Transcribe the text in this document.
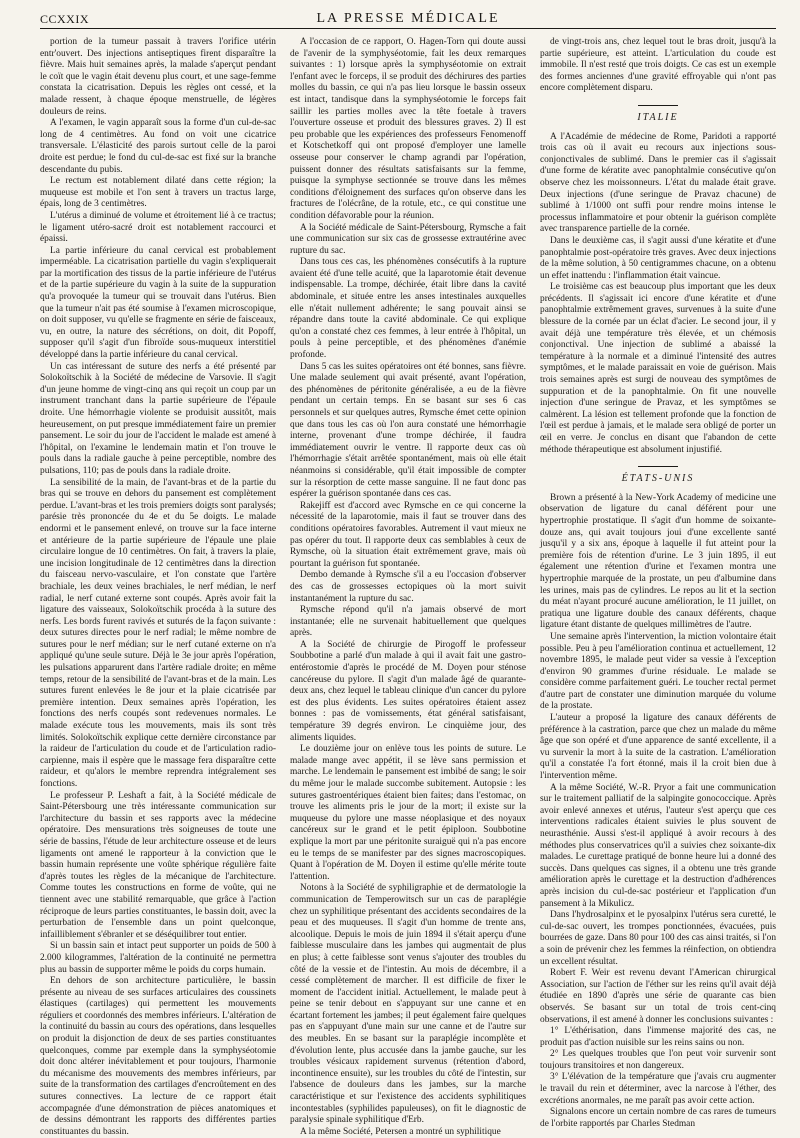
CCXXIX	LA PRESSE MÉDICALE

portion de la tumeur passait à travers l'orifice utérin entr'ouvert. Des injections antiseptiques firent disparaître la fièvre. Mais huit semaines après, la malade s'aperçut pendant le coït que le vagin était devenu plus court, et une sage-femme constata la cicatrisation. Depuis les règles ont cessé, et la malade ressent, à chaque époque menstruelle, de légères douleurs de reins.

A l'examen, le vagin apparaît sous la forme d'un cul-de-sac long de 4 centimètres. Au fond on voit une cicatrice transversale. L'élasticité des parois surtout celle de la paroi droite est perdue; le fond du cul-de-sac est fixé sur la branche descendante du pubis.

Le rectum est notablement dilaté dans cette région; la muqueuse est mobile et l'on sent à travers un tractus large, épais, long de 3 centimètres.

L'utérus a diminué de volume et étroitement lié à ce tractus; le ligament utéro-sacré droit est notablement raccourci et épaissi.

La partie inférieure du canal cervical est probablement imperméable. La cicatrisation partielle du vagin s'expliquerait par la mortification des tissus de la partie inférieure de l'utérus et de la partie supérieure du vagin à la suite de la suppuration qu'a provoquée la tumeur qui se trouvait dans l'utérus. Bien que la tumeur n'ait pas été soumise à l'examen microscopique, on doit supposer, vu qu'elle se fragmente en série de faisceaux, vu, en outre, la nature des sécrétions, on doit, dit Popoff, supposer qu'il s'agit d'un fibroïde sous-muqueux interstitiel développé dans la partie inférieure du canal cervical.

Un cas intéressant de suture des nerfs a été présenté par Solokoïtschik à la Société de médecine de Varsovie. Il s'agit d'un jeune homme de vingt-cinq ans qui reçoit un coup par un instrument tranchant dans la partie supérieure de l'épaule droite. Une hémorrhagie violente se produisit aussitôt, mais heureusement, on put presque immédiatement faire un premier pansement. Le soir du jour de l'accident le malade est amené à l'hôpital, on l'examine le lendemain matin et l'on trouve le pouls dans la radiale gauche à peine perceptible, nombre des pulsations, 110; pas de pouls dans la radiale droite.

La sensibilité de la main, de l'avant-bras et de la partie du bras qui se trouve en dehors du pansement est complètement perdue. L'avant-bras et les trois premiers doigts sont paralysés; parésie très prononcée du 4e et du 5e doigts. Le malade endormi et le pansement enlevé, on trouve sur la face interne et antérieure de la partie supérieure de l'épaule une plaie circulaire longue de 10 centimètres. On fait, à travers la plaie, une incision longitudinale de 12 centimètres dans la direction du faisceau nervo-vasculaire, et l'on constate que l'artère brachiale, les deux veines brachiales, le nerf médian, le nerf radial, le nerf cutané externe sont coupés. Après avoir fait la ligature des vaisseaux, Solokoïtschik procéda à la suture des nerfs. Les bords furent ravivés et suturés de la façon suivante : deux sutures directes pour le nerf radial; le même nombre de sutures pour le nerf médian; sur le nerf cutané externe on n'a appliqué qu'une seule suture. Déjà le 3e jour après l'opération, les pulsations apparurent dans l'artère radiale droite; en même temps, retour de la sensibilité de l'avant-bras et de la main. Les sutures furent enlevées le 8e jour et la plaie cicatrisée par première intention. Deux semaines après l'opération, les fonctions des nerfs coupés sont redevenues normales. Le malade exécute tous les mouvements, mais ils sont très limités. Solokoïtschik explique cette dernière circonstance par la raideur de l'articulation du coude et de l'articulation radio-carpienne, mais il espère que le massage fera disparaître cette raideur, et qu'alors le membre reprendra intégralement ses fonctions.

Le professeur P. Leshaft a fait, à la Société médicale de Saint-Pétersbourg une très intéressante communication sur l'architecture du bassin et ses rapports avec la médecine opératoire. Des mensurations très soigneuses de toute une série de bassins, l'étude de leur architecture osseuse et de leurs ligaments ont amené le rapporteur à la conviction que le bassin humain représente une voûte sphérique régulière faite d'après toutes les règles de la mécanique de l'architecture. Comme toutes les constructions en forme de voûte, qui ne tiennent avec une stabilité remarquable, que grâce à l'action réciproque de leurs parties constituantes, le bassin doit, avec la perturbation de l'ensemble dans un point quelconque, infailliblement s'ébranler et se déséquilibrer tout entier.

Si un bassin sain et intact peut supporter un poids de 500 à 2.000 kilogrammes, l'altération de la continuité ne permettra plus au bassin de supporter même le poids du corps humain.

En dehors de son architecture particulière, le bassin présente au niveau de ses surfaces articulaires des coussinets élastiques (cartilages) qui permettent les mouvements réguliers et coordonnés des membres inférieurs. L'altération de la continuité du bassin au cours des opérations, dans lesquelles on produit la disjonction de deux de ses parties constituantes quelconques, comme par exemple dans la symphyséotomie doit donc altérer inévitablement et pour toujours, l'harmonie du mécanisme des mouvements des membres inférieurs, par suite de la transformation des cartilages d'encroûtement en des sutures connectives. La lecture de ce rapport était accompagnée d'une démonstration de pièces anatomiques et de dessins démontrant les rapports des différentes parties constituantes du bassin.

A l'occasion de ce rapport, O. Hagen-Torn qui doute aussi de l'avenir de la symphyséotomie, fait les deux remarques suivantes : 1) lorsque après la symphyséotomie on extrait l'enfant avec le forceps, il se produit des déchirures des parties molles du bassin, ce qui n'a pas lieu lorsque le bassin osseux est intact, tandisque dans la symphyséotomie le forceps fait saillir les parties molles avec la tête foetale à travers l'ouverture osseuse et produit des blessures graves. 2) Il est peu probable que les expériences des professeurs Fenomenoff et Kotschetkoff qui ont proposé d'employer une lamelle osseuse pour conserver le champ agrandi par l'opération, puissent donner des résultats satisfaisants sur la femme, puisque la symphyse sectionnée se trouve dans les mêmes conditions d'éloignement des surfaces qu'on observe dans les fractures de l'olécrâne, de la rotule, etc., ce qui constitue une condition défavorable pour la réunion.

A la Société médicale de Saint-Pétersbourg, Rymsche a fait une communication sur six cas de grossesse extrautérine avec rupture du sac.

Dans tous ces cas, les phénomènes consécutifs à la rupture avaient été d'une telle acuité, que la laparotomie était devenue indispensable. La trompe, déchirée, était libre dans la cavité abdominale, et située entre les anses intestinales auxquelles elle n'était nullement adhérente; le sang pouvait ainsi se répandre dans toute la cavité abdominale. Ce qui explique qu'on a constaté chez ces femmes, à leur entrée à l'hôpital, un pouls à peine perceptible, et des phénomènes d'anémie profonde.

Dans 5 cas les suites opératoires ont été bonnes, sans fièvre. Une malade seulement qui avait présenté, avant l'opération, des phénomènes de péritonite généralisée, a eu de la fièvre pendant un certain temps. En se basant sur ses 6 cas personnels et sur quelques autres, Rymsche émet cette opinion que dans tous les cas où l'on aura constaté une hémorrhagie interne, provenant d'une trompe déchirée, il faudra immédiatement ouvrir le ventre. Il rapporte deux cas où l'hémorrhagie s'était arrêtée spontanément, mais où elle était néanmoins si considérable, qu'il était impossible de compter sur la résorption de cette masse sanguine. Il ne faut donc pas espérer la guérison spontanée dans ces cas.

Rakejiff est d'accord avec Rymsche en ce qui concerne la nécessité de la laparotomie, mais il faut se trouver dans des conditions opératoires favorables. Autrement il vaut mieux ne pas opérer du tout. Il rapporte deux cas semblables à ceux de Rymsche, où la situation était extrêmement grave, mais où pourtant la guérison fut spontanée.

Dembo demande à Rymsche s'il a eu l'occasion d'observer des cas de grossesses ectopiques où la mort suivit instantanément la rupture du sac.

Rymsche répond qu'il n'a jamais observé de mort instantanée; elle ne survenait habituellement que quelques après.

A la Société de chirurgie de Pirogoff le professeur Soubbotine a parlé d'un malade à qui il avait fait une gastro-entérostomie d'après le procédé de M. Doyen pour sténose cancéreuse du pylore. Il s'agit d'un malade âgé de quarante-deux ans, chez lequel le tableau clinique d'un cancer du pylore est des plus évidents. Les suites opératoires étaient assez bonnes : pas de vomissements, état général satisfaisant, température 39 degrés environ. Le cinquième jour, des aliments liquides.

Le douzième jour on enlève tous les points de suture. Le malade mange avec appétit, il se lève sans permission et marche. Le lendemain le pansement est imbibé de sang; le soir du même jour le malade succombe subitement. Autopsie : les sutures gastroentériques étaient bien faites; dans l'estomac, on trouve les aliments pris le jour de la mort; il existe sur la muqueuse du pylore une masse néoplasique et des noyaux cancéreux sur le grand et le petit épiploon. Soubbotine explique la mort par une péritonite suraiguë qui n'a pas encore eu le temps de se manifester par des signes macroscopiques. Quant à l'opération de M. Doyen il estime qu'elle mérite toute l'attention.

Notons à la Société de syphiligraphie et de dermatologie la communication de Temperowitsch sur un cas de paraplégie chez un syphilitique présentant des accidents secondaires de la peau et des muqueuses. Il s'agit d'un homme de trente ans, alcoolique. Depuis le mois de juin 1894 il s'était aperçu d'une faiblesse musculaire dans les jambes qui augmentait de plus en plus; à cette faiblesse sont venus s'ajouter des troubles du côté de la vessie et de l'intestin. Au mois de décembre, il a cessé complètement de marcher. Il est difficile de fixer le moment de l'accident initial. Actuellement, le malade peut à peine se tenir debout en s'appuyant sur une canne et en écartant fortement les jambes; il peut également faire quelques pas en s'appuyant d'une main sur une canne et de l'autre sur des meubles. En se basant sur la paraplégie incomplète et d'évolution lente, plus accusée dans la jambe gauche, sur les troubles vésicaux rapidement survenus (rétention d'abord, incontinence ensuite), sur les troubles du côté de l'intestin, sur l'absence de douleurs dans les jambes, sur la marche caractéristique et sur l'existence des accidents syphilitiques incontestables (syphilides papuleuses), on fit le diagnostic de paralysie spinale syphilitique d'Erb.

A la même Société, Petersen a montré un syphilitique

de vingt-trois ans, chez lequel tout le bras droit, jusqu'à la partie supérieure, est atteint. L'articulation du coude est immobile. Il n'est resté que trois doigts. Ce cas est un exemple des formes anciennes d'une gravité effroyable qui n'ont pas encore complètement disparu.

ITALIE

A l'Académie de médecine de Rome, Paridoti a rapporté trois cas où il avait eu recours aux injections sous-conjonctivales de sublimé. Dans le premier cas il s'agissait d'une forme de kératite avec panophtalmie consécutive qu'on observe chez les moissonneurs. L'état du malade était grave. Deux injections (d'une seringue de Pravaz chacune) de sublimé à 1/1000 ont suffi pour rendre moins intense le processus inflammatoire et pour obtenir la guérison complète avec transparence partielle de la cornée.

Dans le deuxième cas, il s'agit aussi d'une kératite et d'une panophtalmie post-opératoire très graves. Avec deux injections de la même solution, à 50 centigrammes chacune, on a obtenu un effet inattendu : l'inflammation était vaincue.

Le troisième cas est beaucoup plus important que les deux précédents. Il s'agissait ici encore d'une kératite et d'une panophtalmie extrêmement graves, survenues à la suite d'une blessure de la cornée par un éclat d'acier. Le second jour, il y avait déjà une température très élevée, et un chémosis conjonctival. Une injection de sublimé a abaissé la température à la normale et a diminué l'intensité des autres symptômes, et le malade paraissait en voie de guérison. Mais trois semaines après est surgi de nouveau des symptômes de suppuration et de la panophtalmie. On fit une nouvelle injection d'une seringue de Pravaz, et les symptômes se calmèrent. La lésion est tellement profonde que la fonction de l'œil est perdue à jamais, et le malade sera obligé de porter un œil en verre. Je conclus en disant que l'abandon de cette méthode thérapeutique est absolument injustifié.

ÉTATS-UNIS

Brown a présenté à la New-York Academy of medicine une observation de ligature du canal déférent pour une hypertrophie prostatique. Il s'agit d'un homme de soixante-douze ans, qui avait toujours joui d'une excellente santé jusqu'il y a six ans, époque à laquelle il fut atteint pour la première fois de rétention d'urine. Le 3 juin 1895, il eut également une rétention d'urine et l'examen montra une hypertrophie marquée de la prostate, un peu d'albumine dans les urines, mais pas de cylindres. Le repos au lit et la section du méat n'ayant procuré aucune amélioration, le 11 juillet, on pratiqua une ligature double des canaux déférents, chaque ligature étant distante de quelques millimètres de l'autre.

Une semaine après l'intervention, la miction volontaire était possible. Peu à peu l'amélioration continua et actuellement, 12 novembre 1895, le malade peut vider sa vessie à l'exception d'environ 90 grammes d'urine résiduale. Le malade se considère comme parfaitement guéri. Le toucher rectal permet d'autre part de constater une diminution marquée du volume de la prostate.

L'auteur a proposé la ligature des canaux déférents de préférence à la castration, parce que chez un malade du même âge que son opéré et d'une apparence de santé excellente, il a vu survenir la mort à la suite de la castration. L'amélioration qu'il a constatée l'a fort étonné, mais il la croit bien due à l'intervention même.

A la même Société, W.-R. Pryor a fait une communication sur le traitement palliatif de la salpingite gonococcique. Après avoir enlevé annexes et utérus, l'auteur s'est aperçu que ces interventions radicales étaient suivies le plus souvent de neurasthénie. Aussi s'est-il appliqué à avoir recours à des méthodes plus conservatrices qu'il a suivies chez soixante-dix malades. Le curettage pratiqué de bonne heure lui a donné des succès. Dans quelques cas signes, il a obtenu une très grande amélioration après le curettage et la destruction d'adhérences après incision du cul-de-sac postérieur et l'application d'un pansement à la Mikulicz.

Dans l'hydrosalpinx et le pyosalpinx l'utérus sera curetté, le cul-de-sac ouvert, les trompes ponctionnées, évacuées, puis bourrées de gaze. Dans 80 pour 100 des cas ainsi traités, si l'on a soin de prévenir chez les femmes la réinfection, on obtiendra un excellent résultat.

Robert F. Weir est revenu devant l'American chirurgical Association, sur l'action de l'éther sur les reins qu'il avait déjà étudiée en 1890 d'après une série de quarante cas bien observés. Se basant sur un total de trois cent-cinq observations, il est amené à donner les conclusions suivantes :

1° L'éthérisation, dans l'immense majorité des cas, ne produit pas d'action nuisible sur les reins sains ou non.

2° Les quelques troubles que l'on peut voir survenir sont toujours transitoires et non dangereux.

3° L'élévation de la température que j'avais cru augmenter le travail du rein et déterminer, avec la narcose à l'éther, des excrétions anormales, ne me paraît pas avoir cette action.

Signalons encore un certain nombre de cas rares de tumeurs de l'orbite rapportés par Charles Stedman
